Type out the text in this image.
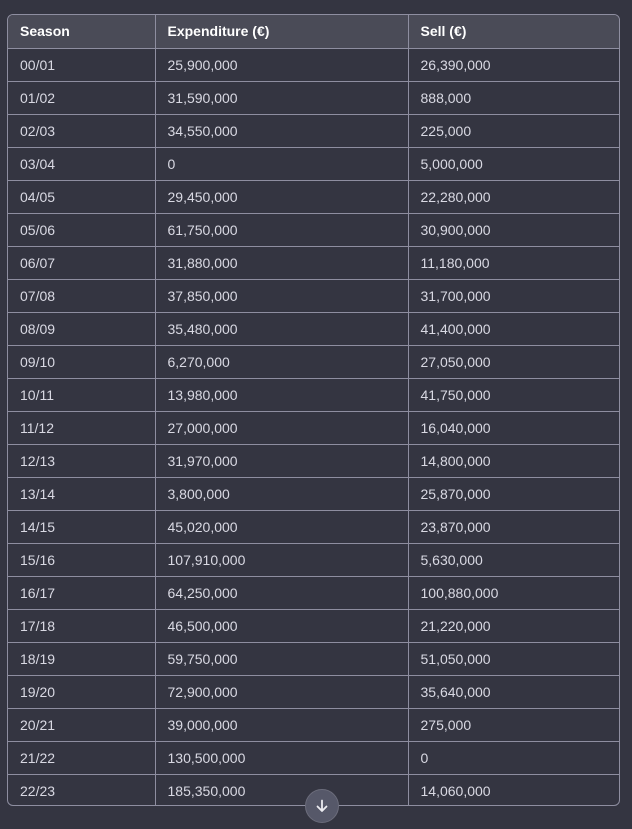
Season	Expenditure (€)	Sell (€)
00/01	25,900,000	26,390,000
01/02	31,590,000	888,000
02/03	34,550,000	225,000
03/04	0	5,000,000
04/05	29,450,000	22,280,000
05/06	61,750,000	30,900,000
06/07	31,880,000	11,180,000
07/08	37,850,000	31,700,000
08/09	35,480,000	41,400,000
09/10	6,270,000	27,050,000
10/11	13,980,000	41,750,000
11/12	27,000,000	16,040,000
12/13	31,970,000	14,800,000
13/14	3,800,000	25,870,000
14/15	45,020,000	23,870,000
15/16	107,910,000	5,630,000
16/17	64,250,000	100,880,000
17/18	46,500,000	21,220,000
18/19	59,750,000	51,050,000
19/20	72,900,000	35,640,000
20/21	39,000,000	275,000
21/22	130,500,000	0
22/23	185,350,000	14,060,000
